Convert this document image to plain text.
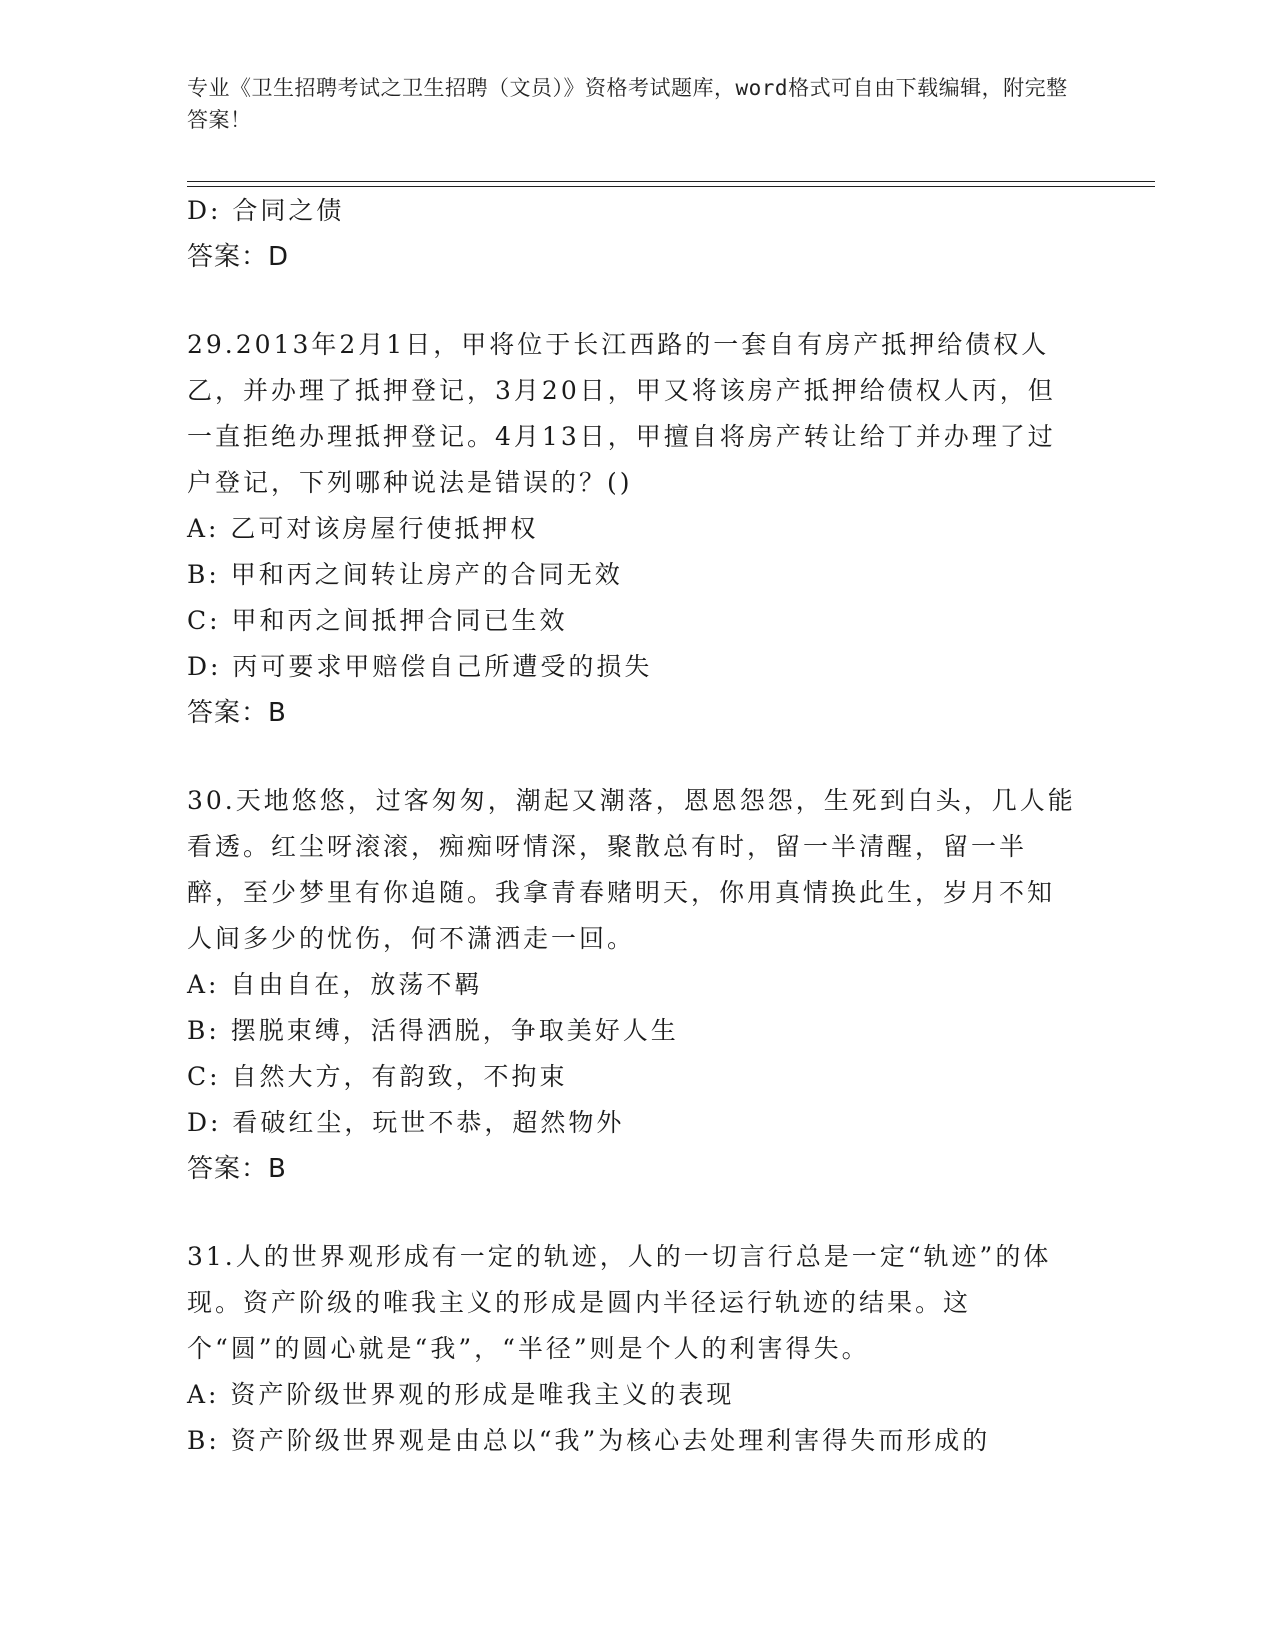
专业《卫生招聘考试之卫生招聘（文员）》资格考试题库，word格式可自由下载编辑，附完整答案！
D: 合同之债
答案：D
29.2013年2月1日，甲将位于长江西路的一套自有房产抵押给债权人乙，并办理了抵押登记，3月20日，甲又将该房产抵押给债权人丙，但一直拒绝办理抵押登记。4月13日，甲擅自将房产转让给丁并办理了过户登记，下列哪种说法是错误的？()
A: 乙可对该房屋行使抵押权
B: 甲和丙之间转让房产的合同无效
C: 甲和丙之间抵押合同已生效
D: 丙可要求甲赔偿自己所遭受的损失
答案：B
30.天地悠悠，过客匆匆，潮起又潮落，恩恩怨怨，生死到白头，几人能看透。红尘呀滚滚，痴痴呀情深，聚散总有时，留一半清醒，留一半醉，至少梦里有你追随。我拿青春赌明天，你用真情换此生，岁月不知人间多少的忧伤，何不潇洒走一回。
A: 自由自在，放荡不羁
B: 摆脱束缚，活得洒脱，争取美好人生
C: 自然大方，有韵致，不拘束
D: 看破红尘，玩世不恭，超然物外
答案：B
31.人的世界观形成有一定的轨迹，人的一切言行总是一定“轨迹”的体现。资产阶级的唯我主义的形成是圆内半径运行轨迹的结果。这个“圆”的圆心就是“我”，“半径”则是个人的利害得失。
A: 资产阶级世界观的形成是唯我主义的表现
B: 资产阶级世界观是由总以“我”为核心去处理利害得失而形成的
